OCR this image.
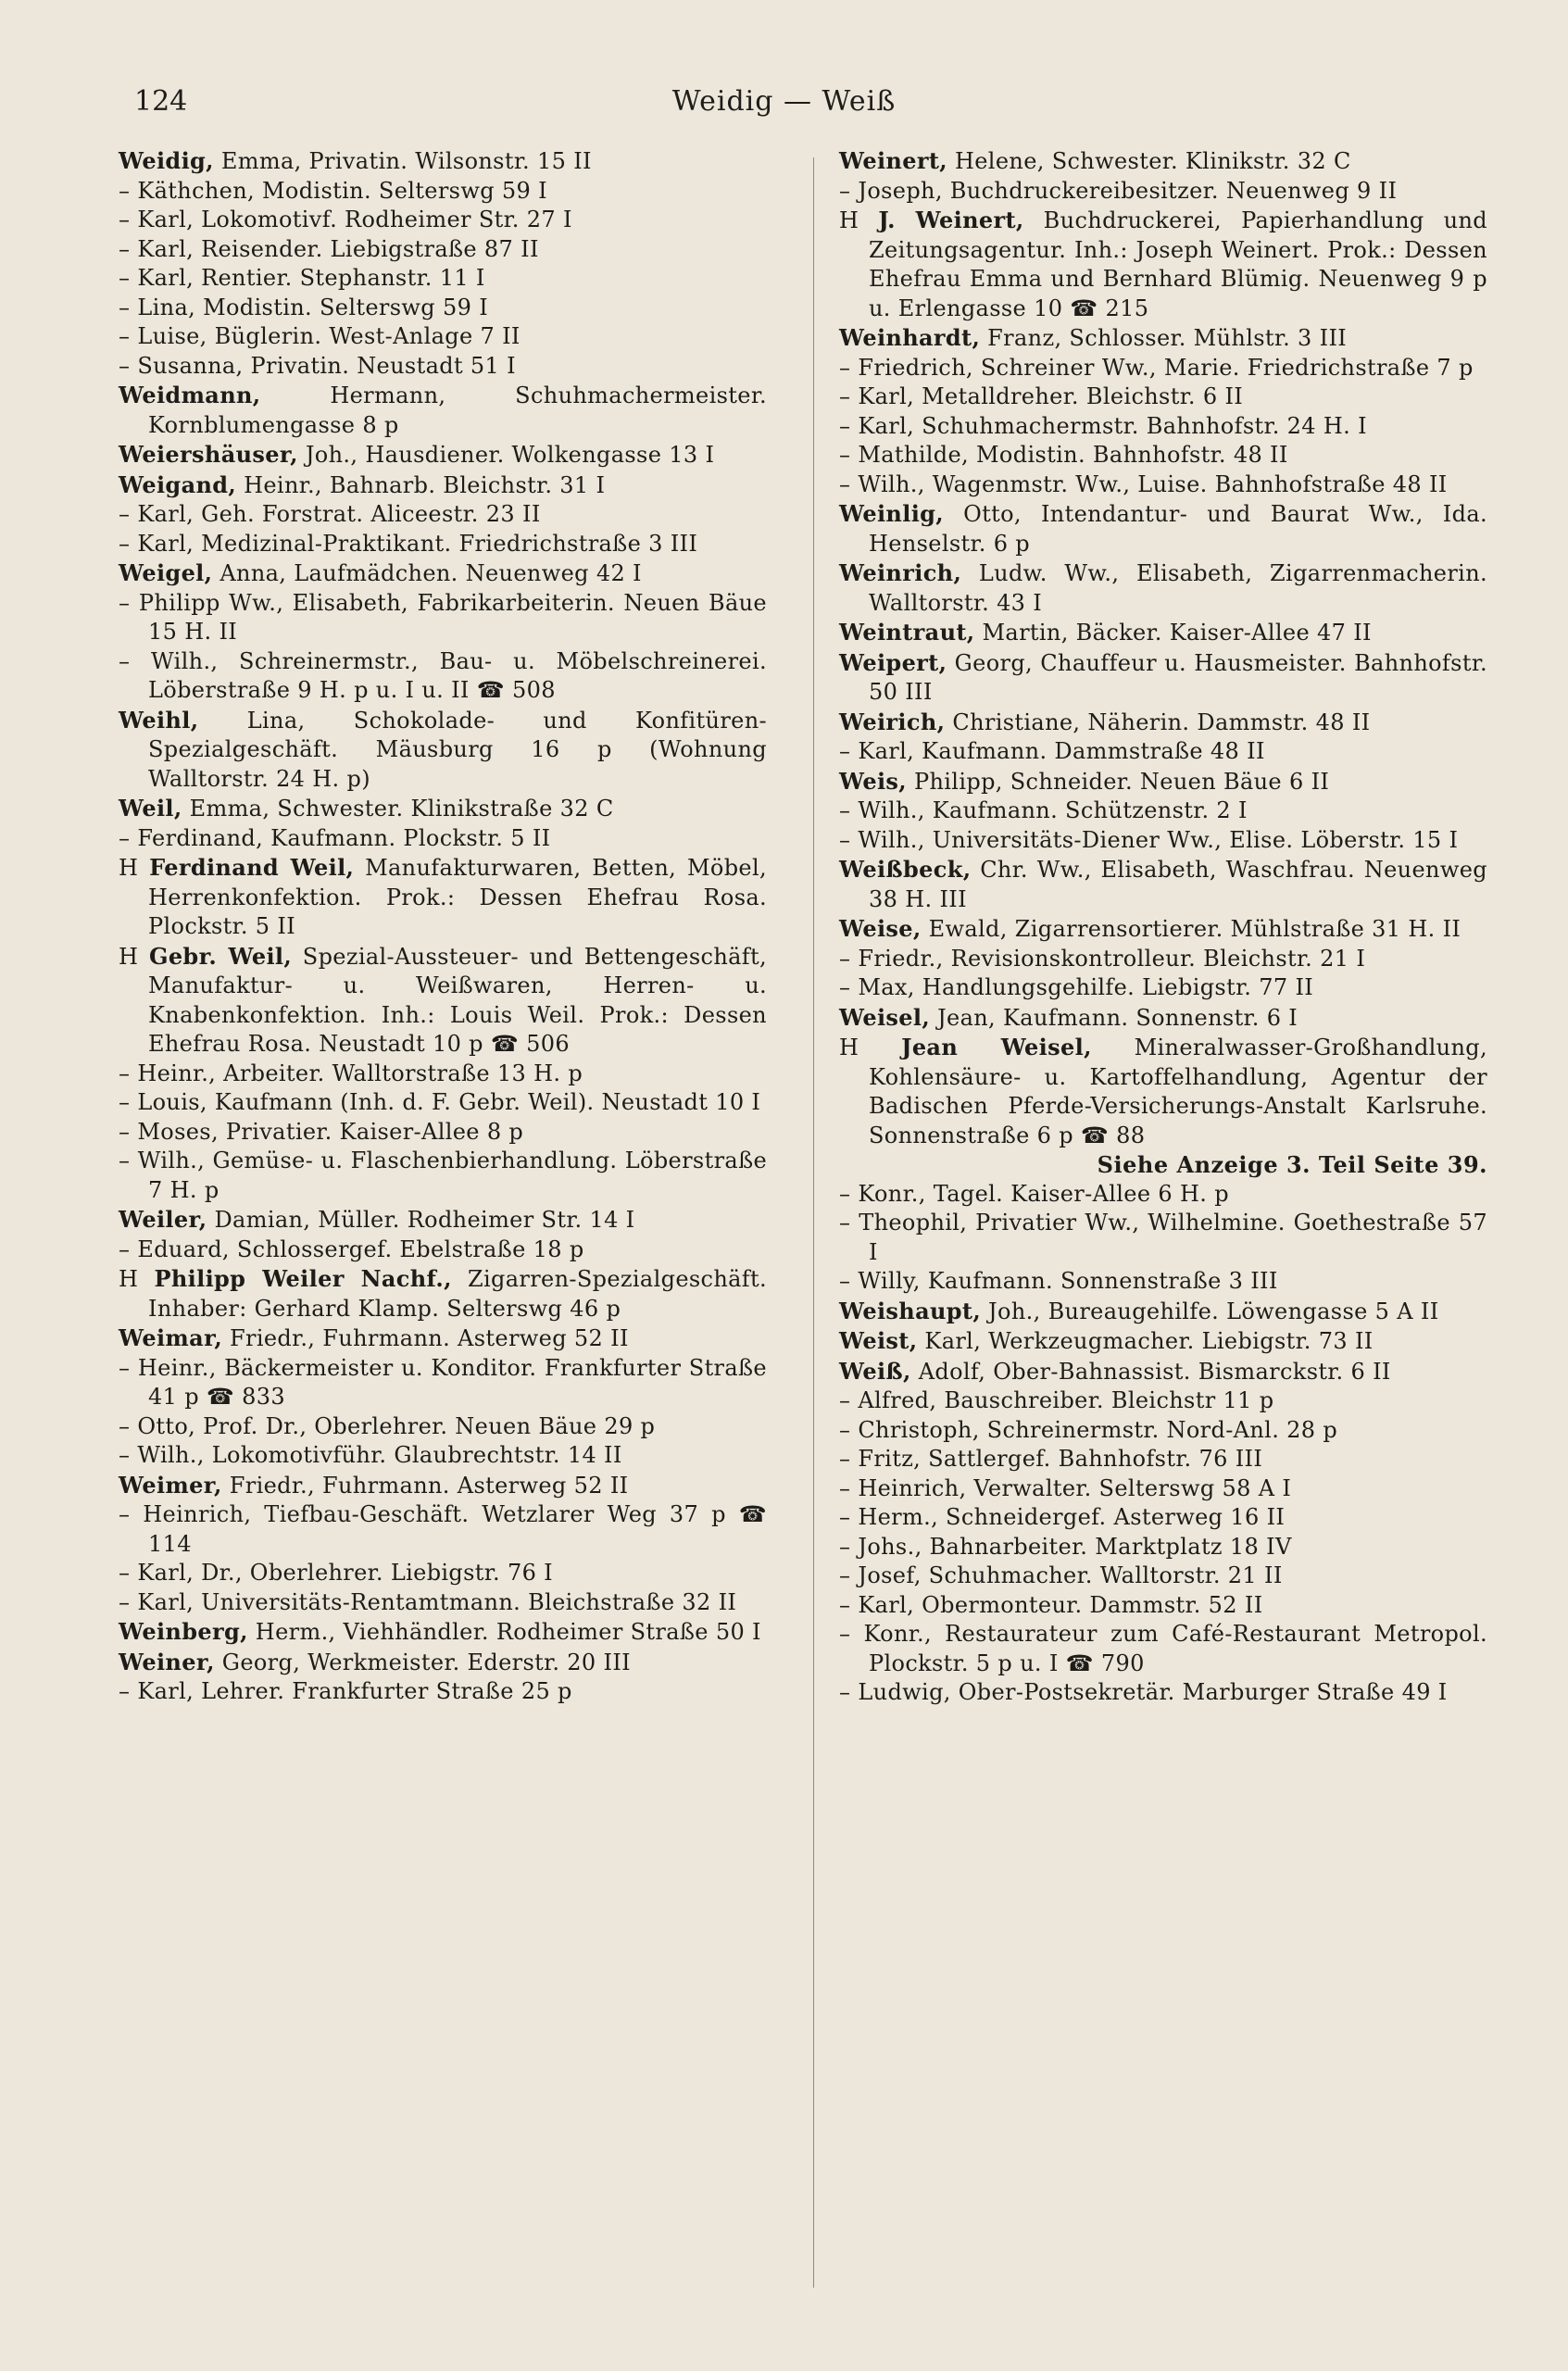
124	Weidig — Weiß

Weidig, Emma, Privatin. Wilsonstr. 15 II

– Käthchen, Modistin. Selterswg 59 I

– Karl, Lokomotivf. Rodheimer Str. 27 I

– Karl, Reisender. Liebigstraße 87 II

– Karl, Rentier. Stephanstr. 11 I

– Lina, Modistin. Selterswg 59 I

– Luise, Büglerin. West-Anlage 7 II

– Susanna, Privatin. Neustadt 51 I

Weidmann, Hermann, Schuhmachermeister. Kornblumengasse 8 p

Weiershäuser, Joh., Hausdiener. Wolkengasse 13 I

Weigand, Heinr., Bahnarb. Bleichstr. 31 I

– Karl, Geh. Forstrat. Aliceestr. 23 II

– Karl, Medizinal-Praktikant. Friedrichstraße 3 III

Weigel, Anna, Laufmädchen. Neuenweg 42 I

– Philipp Ww., Elisabeth, Fabrikarbeiterin. Neuen Bäue 15 H. II

– Wilh., Schreinermstr., Bau- u. Möbelschreinerei. Löberstraße 9 H. p u. I u. II ☎ 508

Weihl, Lina, Schokolade- und Konfitüren-Spezialgeschäft. Mäusburg 16 p (Wohnung Walltorstr. 24 H. p)

Weil, Emma, Schwester. Klinikstraße 32 C

– Ferdinand, Kaufmann. Plockstr. 5 II

H Ferdinand Weil, Manufakturwaren, Betten, Möbel, Herrenkonfektion. Prok.: Dessen Ehefrau Rosa. Plockstr. 5 II

H Gebr. Weil, Spezial-Aussteuer- und Bettengeschäft, Manufaktur- u. Weißwaren, Herren- u. Knabenkonfektion. Inh.: Louis Weil. Prok.: Dessen Ehefrau Rosa. Neustadt 10 p ☎ 506

– Heinr., Arbeiter. Walltorstraße 13 H. p

– Louis, Kaufmann (Inh. d. F. Gebr. Weil). Neustadt 10 I

– Moses, Privatier. Kaiser-Allee 8 p

– Wilh., Gemüse- u. Flaschenbierhandlung. Löberstraße 7 H. p

Weiler, Damian, Müller. Rodheimer Str. 14 I

– Eduard, Schlossergef. Ebelstraße 18 p

H Philipp Weiler Nachf., Zigarren-Spezialgeschäft. Inhaber: Gerhard Klamp. Selterswg 46 p

Weimar, Friedr., Fuhrmann. Asterweg 52 II

– Heinr., Bäckermeister u. Konditor. Frankfurter Straße 41 p ☎ 833

– Otto, Prof. Dr., Oberlehrer. Neuen Bäue 29 p

– Wilh., Lokomotivführ. Glaubrechtstr. 14 II

Weimer, Friedr., Fuhrmann. Asterweg 52 II

– Heinrich, Tiefbau-Geschäft. Wetzlarer Weg 37 p ☎ 114

– Karl, Dr., Oberlehrer. Liebigstr. 76 I

– Karl, Universitäts-Rentamtmann. Bleichstraße 32 II

Weinberg, Herm., Viehhändler. Rodheimer Straße 50 I

Weiner, Georg, Werkmeister. Ederstr. 20 III

– Karl, Lehrer. Frankfurter Straße 25 p

Weinert, Helene, Schwester. Klinikstr. 32 C

– Joseph, Buchdruckereibesitzer. Neuenweg 9 II

H J. Weinert, Buchdruckerei, Papierhandlung und Zeitungsagentur. Inh.: Joseph Weinert. Prok.: Dessen Ehefrau Emma und Bernhard Blümig. Neuenweg 9 p u. Erlengasse 10 ☎ 215

Weinhardt, Franz, Schlosser. Mühlstr. 3 III

– Friedrich, Schreiner Ww., Marie. Friedrichstraße 7 p

– Karl, Metalldreher. Bleichstr. 6 II

– Karl, Schuhmachermstr. Bahnhofstr. 24 H. I

– Mathilde, Modistin. Bahnhofstr. 48 II

– Wilh., Wagenmstr. Ww., Luise. Bahnhofstraße 48 II

Weinlig, Otto, Intendantur- und Baurat Ww., Ida. Henselstr. 6 p

Weinrich, Ludw. Ww., Elisabeth, Zigarrenmacherin. Walltorstr. 43 I

Weintraut, Martin, Bäcker. Kaiser-Allee 47 II

Weipert, Georg, Chauffeur u. Hausmeister. Bahnhofstr. 50 III

Weirich, Christiane, Näherin. Dammstr. 48 II

– Karl, Kaufmann. Dammstraße 48 II

Weis, Philipp, Schneider. Neuen Bäue 6 II

– Wilh., Kaufmann. Schützenstr. 2 I

– Wilh., Universitäts-Diener Ww., Elise. Löberstr. 15 I

Weißbeck, Chr. Ww., Elisabeth, Waschfrau. Neuenweg 38 H. III

Weise, Ewald, Zigarrensortierer. Mühlstraße 31 H. II

– Friedr., Revisionskontrolleur. Bleichstr. 21 I

– Max, Handlungsgehilfe. Liebigstr. 77 II

Weisel, Jean, Kaufmann. Sonnenstr. 6 I

H Jean Weisel, Mineralwasser-Großhandlung, Kohlensäure- u. Kartoffelhandlung, Agentur der Badischen Pferde-Versicherungs-Anstalt Karlsruhe. Sonnenstraße 6 p ☎ 88

Siehe Anzeige 3. Teil Seite 39.

– Konr., Tagel. Kaiser-Allee 6 H. p

– Theophil, Privatier Ww., Wilhelmine. Goethestraße 57 I

– Willy, Kaufmann. Sonnenstraße 3 III

Weishaupt, Joh., Bureaugehilfe. Löwengasse 5 A II

Weist, Karl, Werkzeugmacher. Liebigstr. 73 II

Weiß, Adolf, Ober-Bahnassist. Bismarckstr. 6 II

– Alfred, Bauschreiber. Bleichstr 11 p

– Christoph, Schreinermstr. Nord-Anl. 28 p

– Fritz, Sattlergef. Bahnhofstr. 76 III

– Heinrich, Verwalter. Selterswg 58 A I

– Herm., Schneidergef. Asterweg 16 II

– Johs., Bahnarbeiter. Marktplatz 18 IV

– Josef, Schuhmacher. Walltorstr. 21 II

– Karl, Obermonteur. Dammstr. 52 II

– Konr., Restaurateur zum Café-Restaurant Metropol. Plockstr. 5 p u. I ☎ 790

– Ludwig, Ober-Postsekretär. Marburger Straße 49 I
